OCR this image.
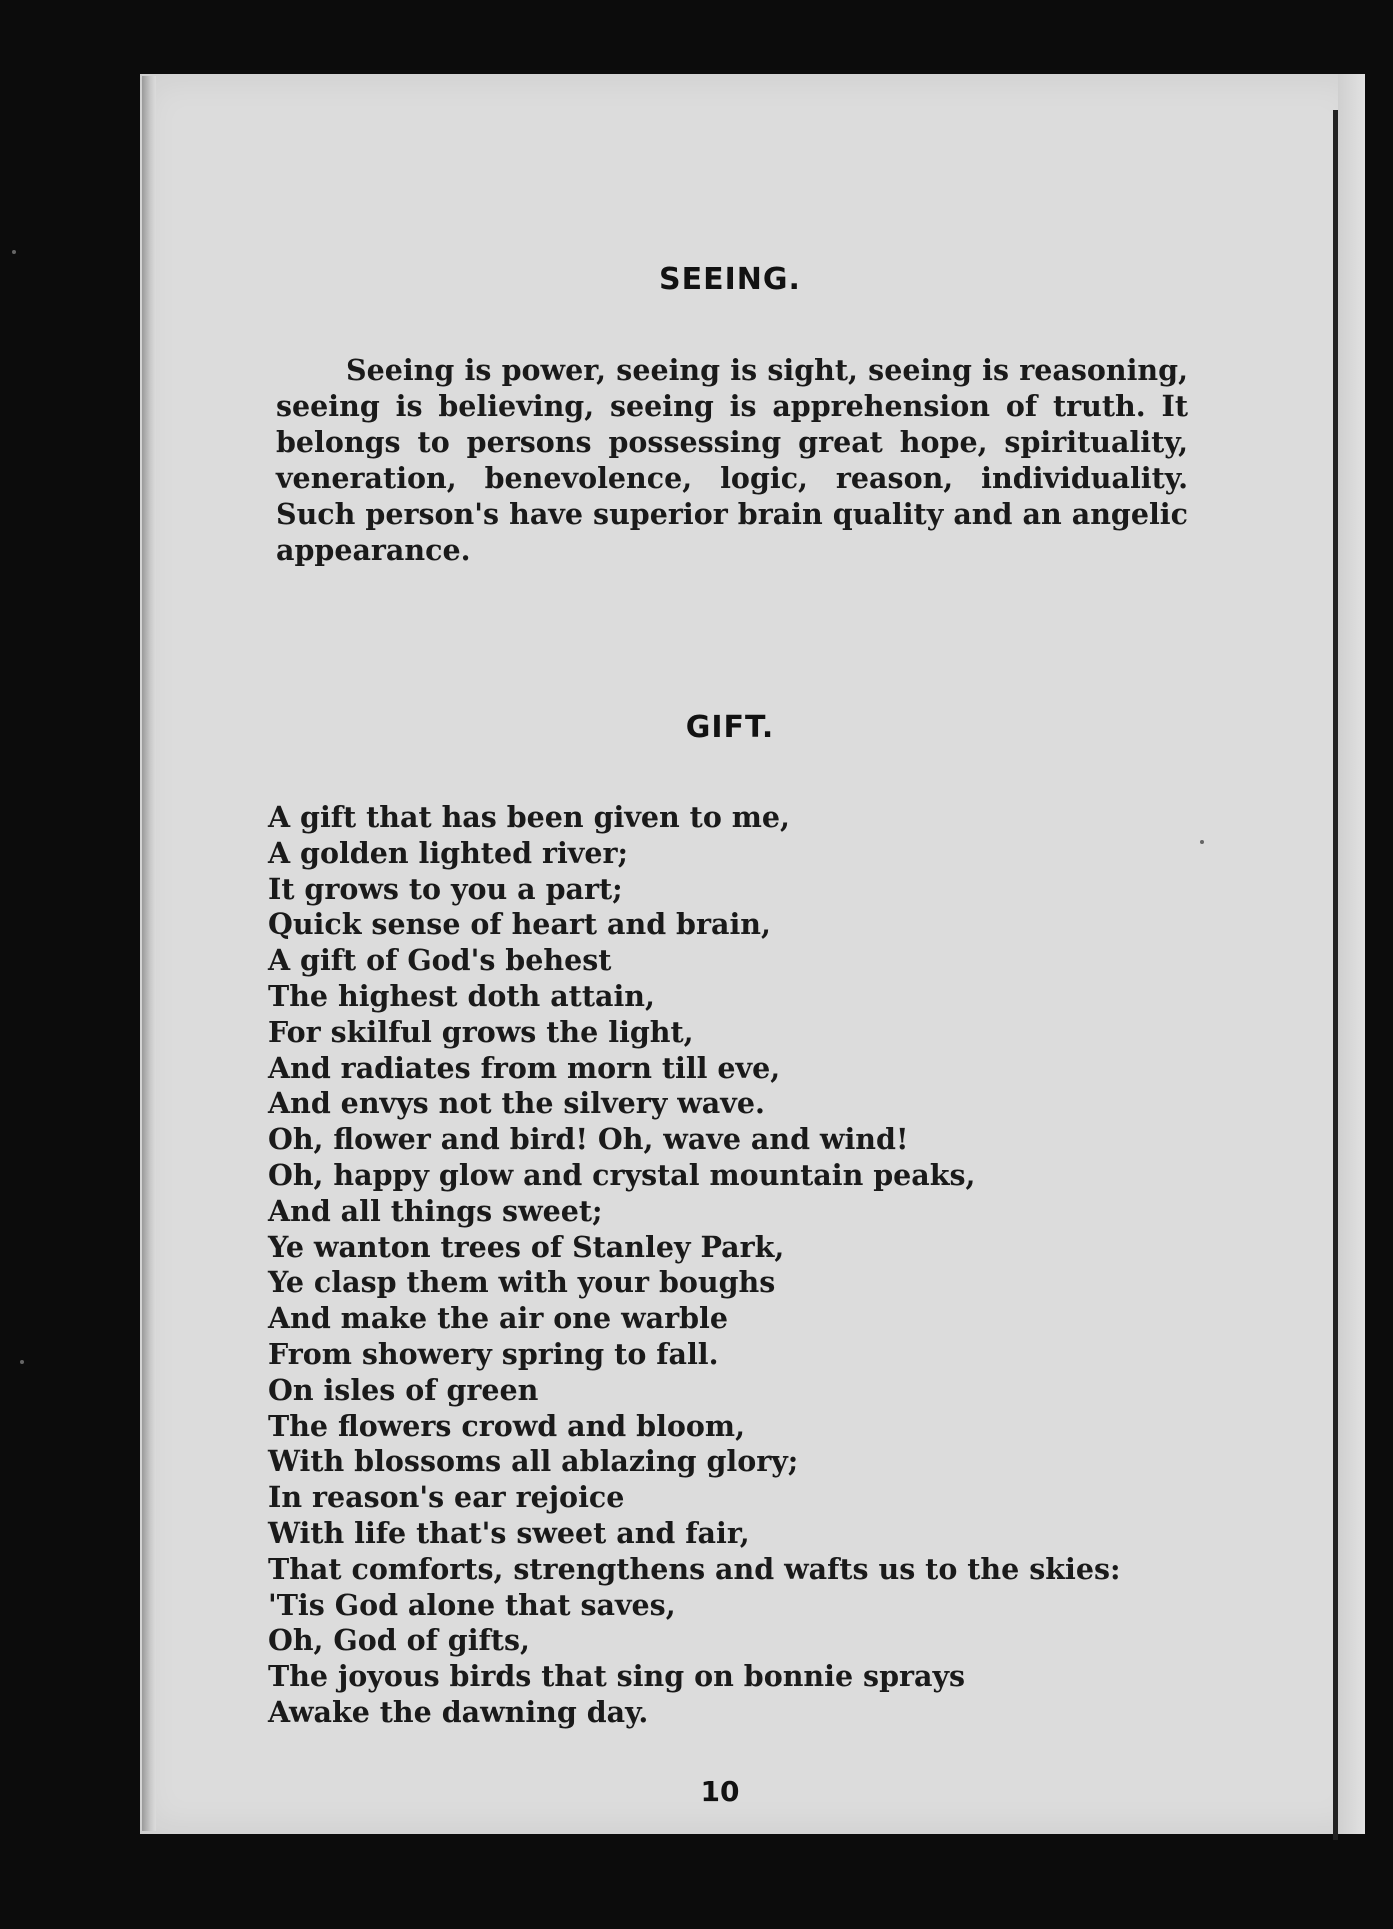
SEEING.
Seeing is power, seeing is sight, seeing is reasoning,
seeing is believing, seeing is apprehension of truth. It
belongs to persons possessing great hope, spirituality,
veneration, benevolence, logic, reason, individuality.
Such person's have superior brain quality and an angelic
appearance.
GIFT.
A gift that has been given to me,
A golden lighted river;
It grows to you a part;
Quick sense of heart and brain,
A gift of God's behest
The highest doth attain,
For skilful grows the light,
And radiates from morn till eve,
And envys not the silvery wave.
Oh, flower and bird! Oh, wave and wind!
Oh, happy glow and crystal mountain peaks,
And all things sweet;
Ye wanton trees of Stanley Park,
Ye clasp them with your boughs
And make the air one warble
From showery spring to fall.
On isles of green
The flowers crowd and bloom,
With blossoms all ablazing glory;
In reason's ear rejoice
With life that's sweet and fair,
That comforts, strengthens and wafts us to the skies:
'Tis God alone that saves,
Oh, God of gifts,
The joyous birds that sing on bonnie sprays
Awake the dawning day.
10
